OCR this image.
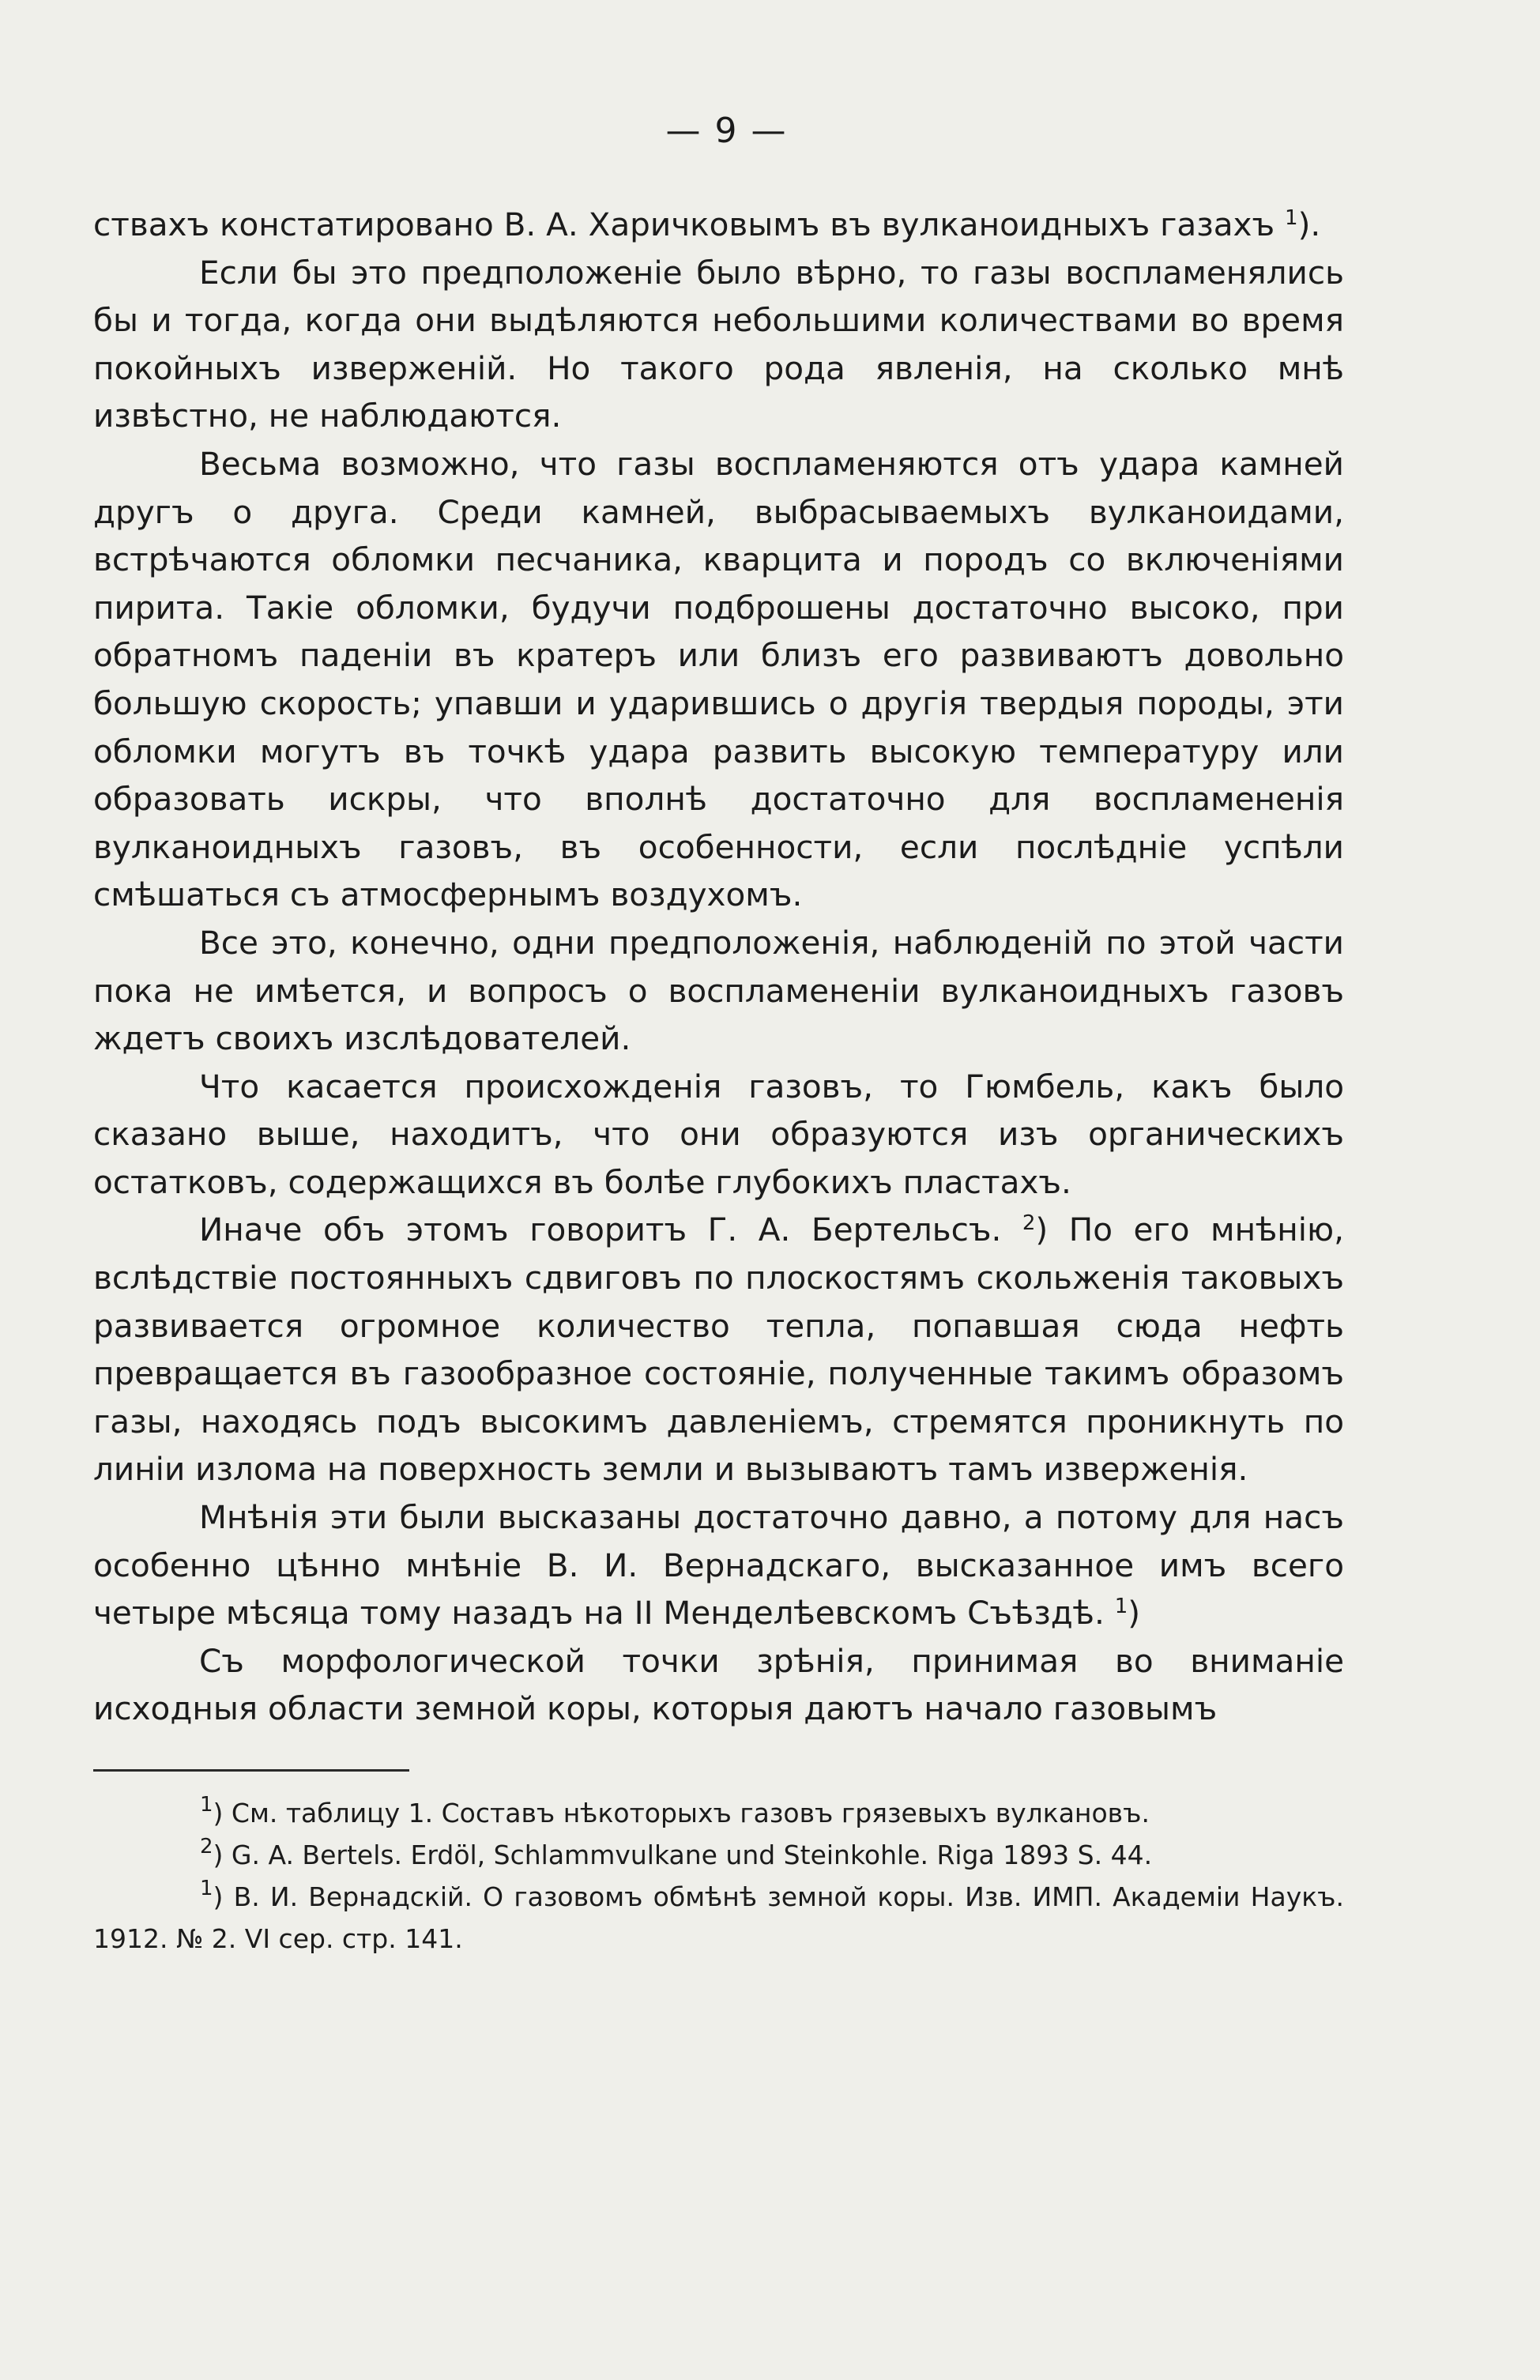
— 9 —

ствахъ констатировано В. А. Харичковымъ въ вулканоидныхъ газахъ $^1$).

Если бы это предположенiе было вѣрно, то газы воспламенялись бы и тогда, когда они выдѣляются небольшими количествами во время покойныхъ изверженiй. Но такого рода явленiя, на сколько мнѣ извѣстно, не наблюдаются.

Весьма возможно, что газы воспламеняются отъ удара камней другъ о друга. Среди камней, выбрасываемыхъ вулканоидами, встрѣчаются обломки песчаника, кварцита и породъ со включенiями пирита. Такiе обломки, будучи подброшены достаточно высоко, при обратномъ паденiи въ кратеръ или близъ его развиваютъ довольно большую скорость; упавши и ударившись о другiя твердыя породы, эти обломки могутъ въ точкѣ удара развить высокую температуру или образовать искры, что вполнѣ достаточно для воспламененiя вулканоидныхъ газовъ, въ особенности, если послѣднiе успѣли смѣшаться съ атмосфернымъ воздухомъ.

Все это, конечно, одни предположенiя, наблюденiй по этой части пока не имѣется, и вопросъ о воспламененiи вулканоидныхъ газовъ ждетъ своихъ изслѣдователей.

Что касается происхожденiя газовъ, то Гюмбель, какъ было сказано выше, находитъ, что они образуются изъ органическихъ остатковъ, содержащихся въ болѣе глубокихъ пластахъ.

Иначе объ этомъ говоритъ Г. А. Бертельсъ. $^2$) По его мнѣнiю, вслѣдствiе постоянныхъ сдвиговъ по плоскостямъ скольженiя таковыхъ развивается огромное количество тепла, попавшая сюда нефть превращается въ газообразное состоянiе, полученные такимъ образомъ газы, находясь подъ высокимъ давленiемъ, стремятся проникнуть по линiи излома на поверхность земли и вызываютъ тамъ изверженiя.

Мнѣнiя эти были высказаны достаточно давно, а потому для насъ особенно цѣнно мнѣнiе В. И. Вернадскаго, высказанное имъ всего четыре мѣсяца тому назадъ на II Менделѣевскомъ Съѣздѣ. $^1$)

Съ морфологической точки зрѣнiя, принимая во вниманiе исходныя области земной коры, которыя даютъ начало газовымъ

$^1$) См. таблицу 1. Составъ нѣкоторыхъ газовъ грязевыхъ вулкановъ.

$^2$) G. A. Bertels. Erdöl, Schlammvulkane und Steinkohle. Riga 1893 S. 44.

$^1$) В. И. Вернадскiй. О газовомъ обмѣнѣ земной коры. Изв. ИМП. Академiи Наукъ. 1912. № 2. VI сер. стр. 141.
